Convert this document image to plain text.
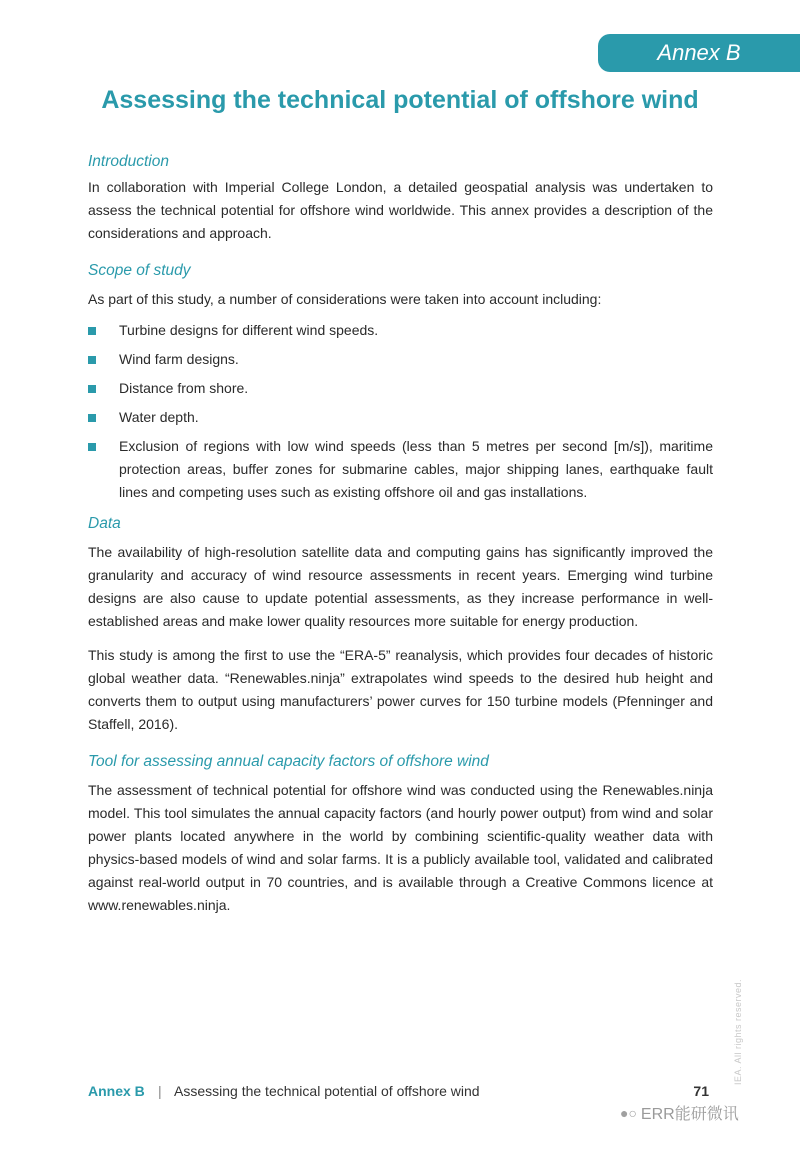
Annex B
Assessing the technical potential of offshore wind
Introduction

In collaboration with Imperial College London, a detailed geospatial analysis was undertaken to assess the technical potential for offshore wind worldwide. This annex provides a description of the considerations and approach.

Scope of study

As part of this study, a number of considerations were taken into account including:

Turbine designs for different wind speeds.
Wind farm designs.
Distance from shore.
Water depth.
Exclusion of regions with low wind speeds (less than 5 metres per second [m/s]), maritime protection areas, buffer zones for submarine cables, major shipping lanes, earthquake fault lines and competing uses such as existing offshore oil and gas installations.
Data

The availability of high-resolution satellite data and computing gains has significantly improved the granularity and accuracy of wind resource assessments in recent years. Emerging wind turbine designs are also cause to update potential assessments, as they increase performance in well-established areas and make lower quality resources more suitable for energy production.

This study is among the first to use the “ERA-5” reanalysis, which provides four decades of historic global weather data. “Renewables.ninja” extrapolates wind speeds to the desired hub height and converts them to output using manufacturers’ power curves for 150 turbine models (Pfenninger and Staffell, 2016).

Tool for assessing annual capacity factors of offshore wind

The assessment of technical potential for offshore wind was conducted using the Renewables.ninja model. This tool simulates the annual capacity factors (and hourly power output) from wind and solar power plants located anywhere in the world by combining scientific-quality weather data with physics-based models of wind and solar farms. It is a publicly available tool, validated and calibrated against real-world output in 70 countries, and is available through a Creative Commons licence at www.renewables.ninja.

IEA. All rights reserved.
Annex B | Assessing the technical potential of offshore wind	71
●○ ERR能研微讯
